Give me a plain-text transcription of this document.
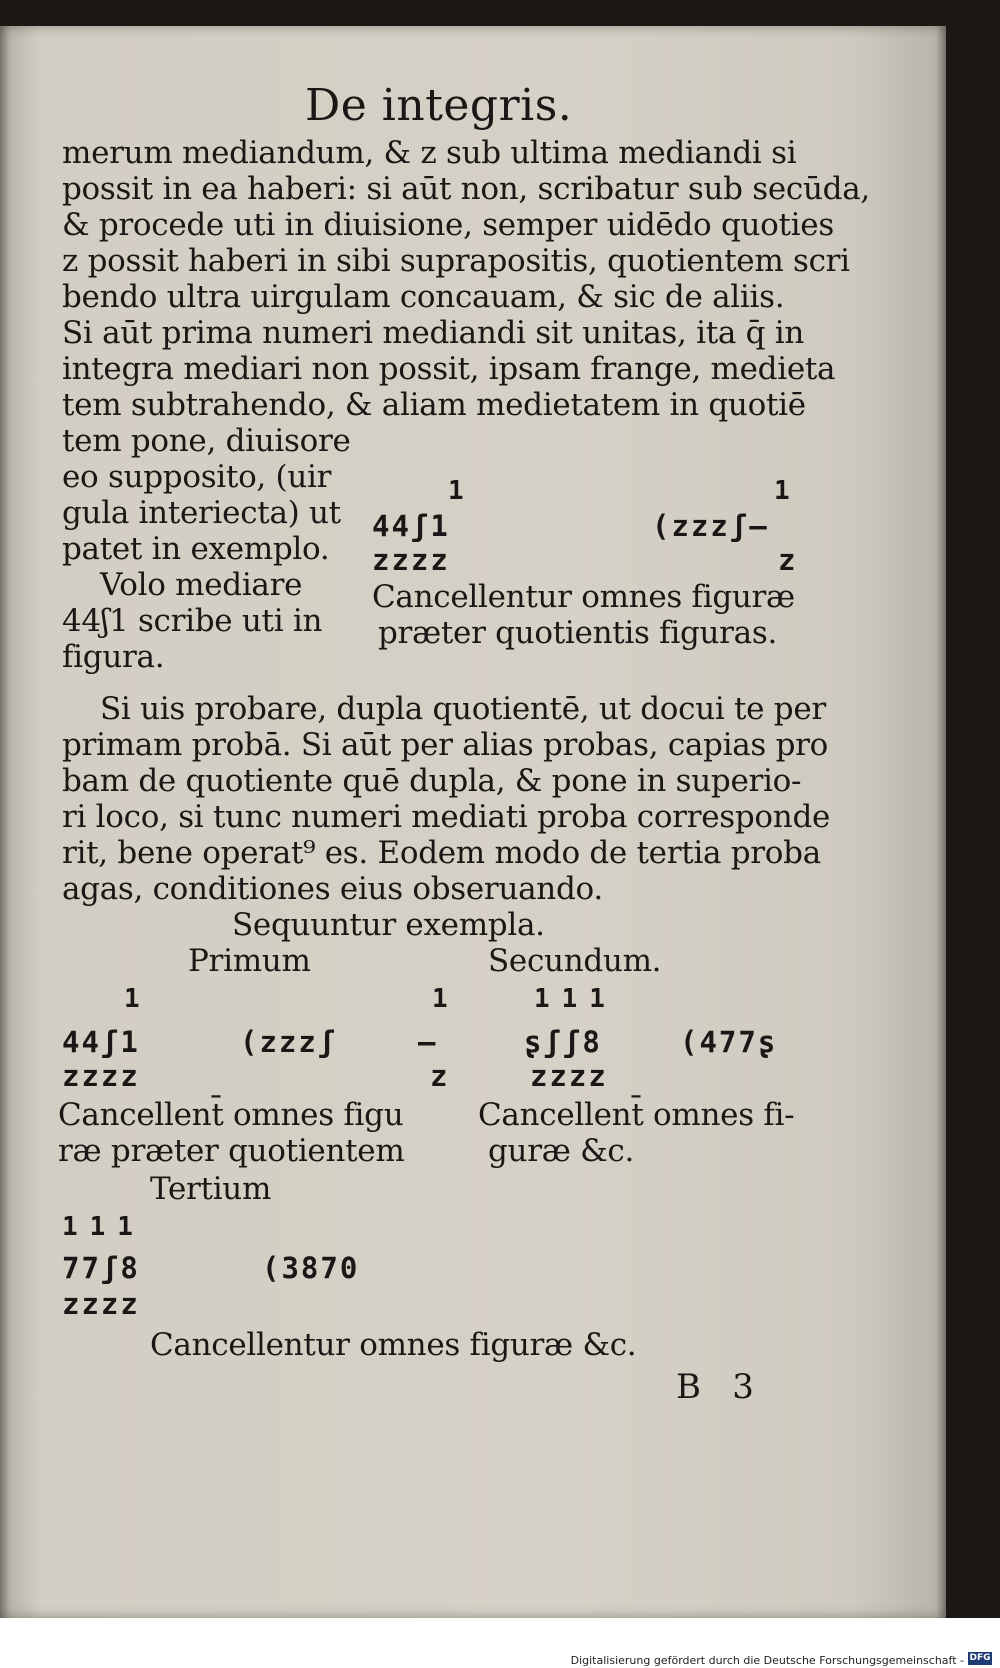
De integris.
merum mediandum, & z sub ultima mediandi si
possit in ea haberi: si aūt non, scribatur sub secūda,
& procede uti in diuisione, semper uidēdo quoties
z possit haberi in sibi suprapositis, quotientem scri
bendo ultra uirgulam concauam, & sic de aliis.
Si aūt prima numeri mediandi sit unitas, ita q̄ in
integra mediari non possit, ipsam frange, medieta
tem subtrahendo, & aliam medietatem in quotiē
tem pone, diuisore
eo supposito, (uir
gula interiecta) ut
patet in exemplo.
Volo mediare
44ʃ1 scribe uti in
figura.
1	1
44ʃ1	(zzzʃ—
zzzz	z
Cancellentur omnes figuræ
præter quotientis figuras.
Si uis probare, dupla quotientē, ut docui te per
primam probā. Si aūt per alias probas, capias pro
bam de quotiente quē dupla, & pone in superio-
ri loco, si tunc numeri mediati proba corresponde
rit, bene operat⁹ es. Eodem modo de tertia proba
agas, conditiones eius obseruando.
Sequuntur exempla.
Primum
1	1
44ʃ1	(zzzʃ	—
zzzz	z
Cancellent̄ omnes figu
ræ præter quotientem
Secundum.
111
ʂʃʃ8	(477ʂ
zzzz
Cancellent̄ omnes fi-
guræ &c.
Tertium
111
77ʃ8	(3870
zzzz
Cancellentur omnes figuræ &c.
B   3
Digitalisierung gefördert durch die Deutsche Forschungsgemeinschaft - DFG
